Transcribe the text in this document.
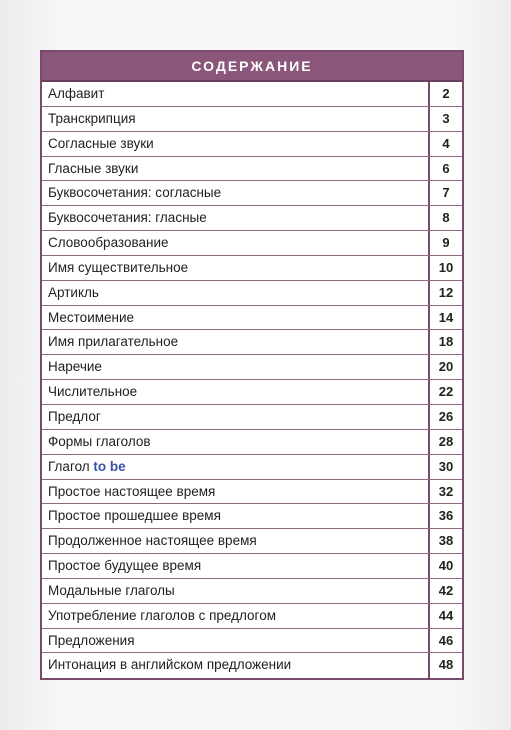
СОДЕРЖАНИЕ
Алфавит	2
Транскрипция	3
Согласные звуки	4
Гласные звуки	6
Буквосочетания: согласные	7
Буквосочетания: гласные	8
Словообразование	9
Имя существительное	10
Артикль	12
Местоимение	14
Имя прилагательное	18
Наречие	20
Числительное	22
Предлог	26
Формы глаголов	28
Глагол to be	30
Простое настоящее время	32
Простое прошедшее время	36
Продолженное настоящее время	38
Простое будущее время	40
Модальные глаголы	42
Употребление глаголов с предлогом	44
Предложения	46
Интонация в английском предложении	48
